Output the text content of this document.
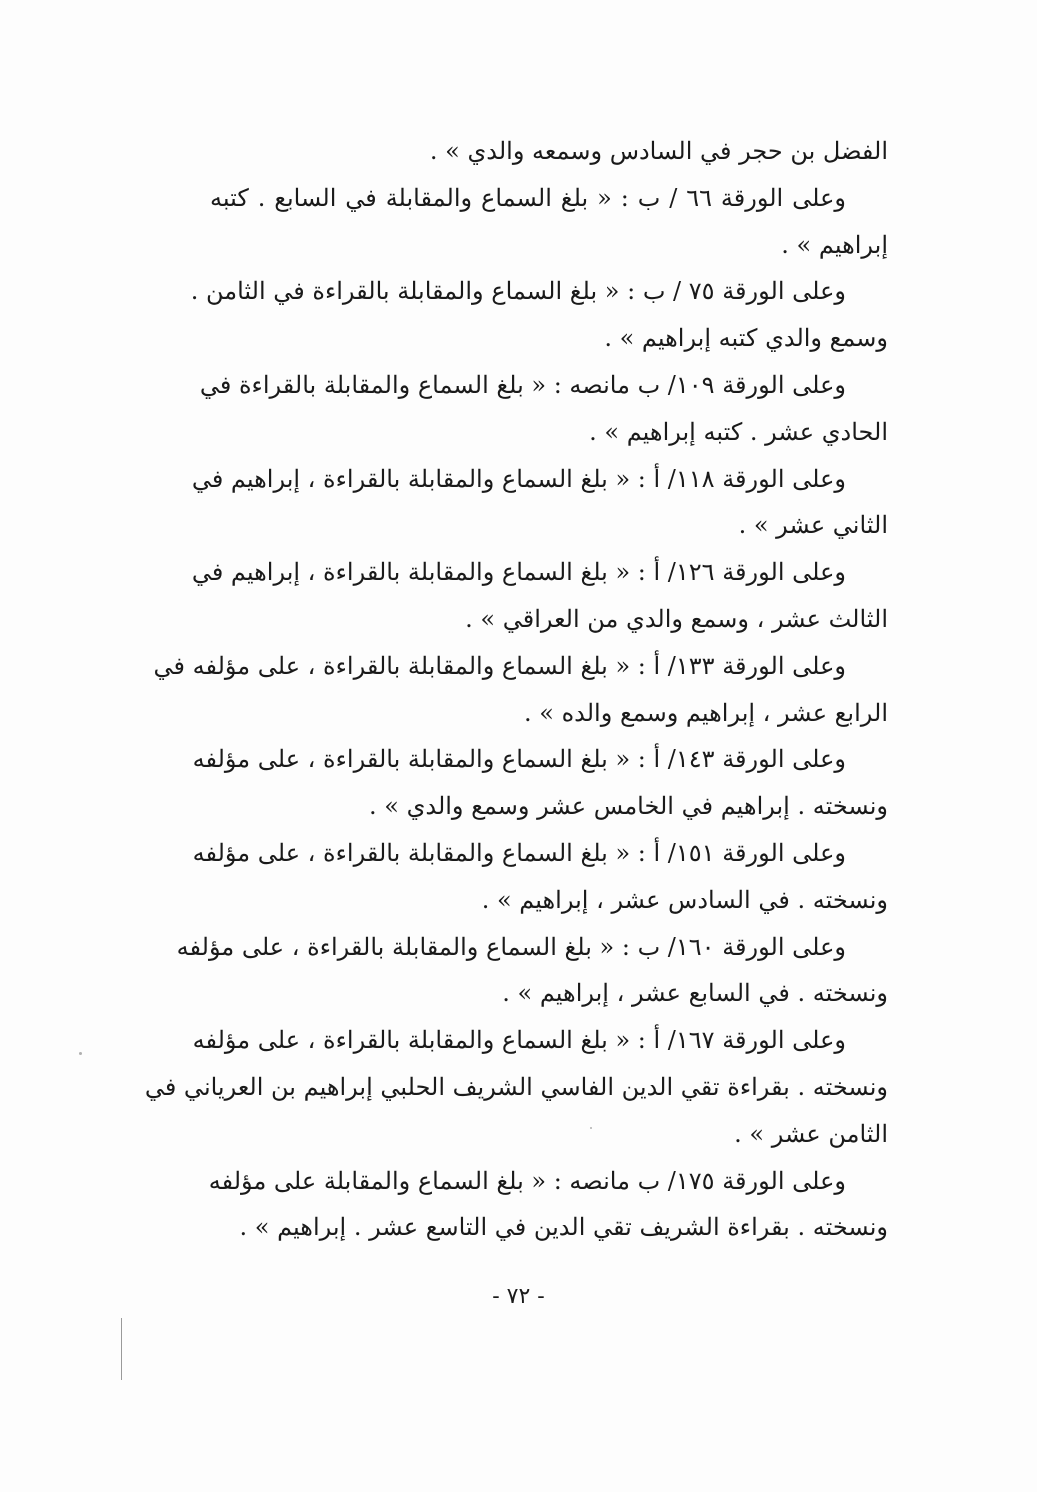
الفضل بن حجر في السادس وسمعه والدي » .
وعلى الورقة ٦٦ / ب : « بلغ السماع والمقابلة في السابع . كتبه
إبراهيم » .
وعلى الورقة ٧٥ / ب : « بلغ السماع والمقابلة بالقراءة في الثامن .
وسمع والدي كتبه إبراهيم » .
وعلى الورقة ١٠٩/ ب مانصه : « بلغ السماع والمقابلة بالقراءة في
الحادي عشر . كتبه إبراهيم » .
وعلى الورقة ١١٨/ أ : « بلغ السماع والمقابلة بالقراءة ، إبراهيم في
الثاني عشر » .
وعلى الورقة ١٢٦/ أ : « بلغ السماع والمقابلة بالقراءة ، إبراهيم في
الثالث عشر ، وسمع والدي من العراقي » .
وعلى الورقة ١٣٣/ أ : « بلغ السماع والمقابلة بالقراءة ، على مؤلفه في
الرابع عشر ، إبراهيم وسمع والده » .
وعلى الورقة ١٤٣/ أ : « بلغ السماع والمقابلة بالقراءة ، على مؤلفه
ونسخته . إبراهيم في الخامس عشر وسمع والدي » .
وعلى الورقة ١٥١/ أ : « بلغ السماع والمقابلة بالقراءة ، على مؤلفه
ونسخته . في السادس عشر ، إبراهيم » .
وعلى الورقة ١٦٠/ ب : « بلغ السماع والمقابلة بالقراءة ، على مؤلفه
ونسخته . في السابع عشر ، إبراهيم » .
وعلى الورقة ١٦٧/ أ : « بلغ السماع والمقابلة بالقراءة ، على مؤلفه
ونسخته . بقراءة تقي الدين الفاسي الشريف الحلبي إبراهيم بن العرياني في
الثامن عشر » .
وعلى الورقة ١٧٥/ ب مانصه : « بلغ السماع والمقابلة على مؤلفه
ونسخته . بقراءة الشريف تقي الدين في التاسع عشر . إبراهيم » .
- ٧٢ -
